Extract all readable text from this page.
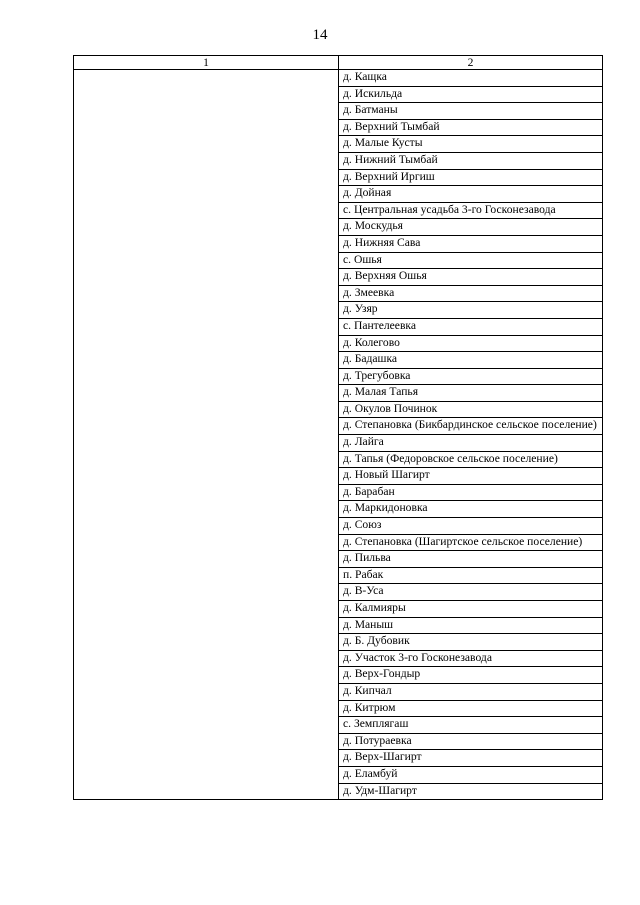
14
1	2
	д. Кащка
	д. Искильда
	д. Батманы
	д. Верхний Тымбай
	д. Малые Кусты
	д. Нижний Тымбай
	д. Верхний Иргиш
	д. Дойная
	с. Центральная усадьба 3-го Госконезавода
	д. Москудья
	д. Нижняя Сава
	с. Ошья
	д. Верхняя Ошья
	д. Змеевка
	д. Узяр
	с. Пантелеевка
	д. Колегово
	д. Бадашка
	д. Трегубовка
	д. Малая Тапья
	д. Окулов Починок
	д. Степановка (Бикбардинское сельское поселение)
	д. Лайга
	д. Тапья (Федоровское сельское поселение)
	д. Новый Шагирт
	д. Барабан
	д. Маркидоновка
	д. Союз
	д. Степановка (Шагиртское сельское поселение)
	д. Пильва
	п. Рабак
	д. В-Уса
	д. Калмияры
	д. Маныш
	д. Б. Дубовик
	д. Участок 3-го Госконезавода
	д. Верх-Гондыр
	д. Кипчал
	д. Китрюм
	с. Земплягаш
	д. Потураевка
	д. Верх-Шагирт
	д. Еламбуй
	д. Удм-Шагирт
